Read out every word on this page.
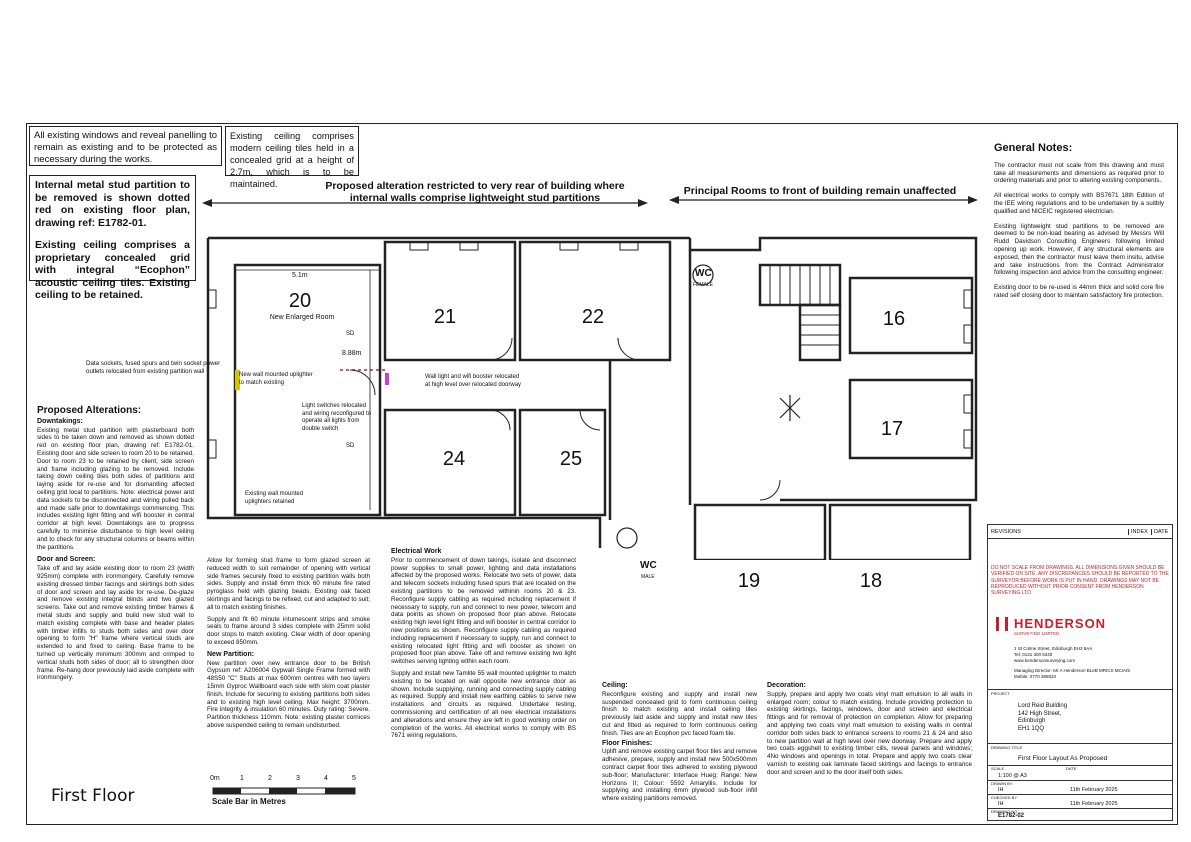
All existing windows and reveal panelling to remain as existing and to be protected as necessary during the works.
Existing ceiling comprises modern ceiling tiles held in a concealed grid at a height of 2.7m, which is to be maintained.
Internal metal stud partition to be removed is shown dotted red on existing floor plan, drawing ref: E1782-01.
Existing ceiling comprises a proprietary concealed grid with integral “Ecophon” acoustic ceiling tiles. Existing ceiling to be retained.
Proposed alteration restricted to very rear of building where internal walls comprise lightweight stud partitions
Principal Rooms to front of building remain unaffected
20
New Enlarged Room	21	22
24	25
16
17
19	18
5.1m
8.88m
SD
SD
WC
FEMALE
WC
MALE
Data sockets, fused spurs and twin socket power outlets relocated from existing partition wall
New wall mounted uplighter to match existing
Wall light and wifi booster relocated at high level over relocated doorway
Light switches relocated and wiring reconfigured to operate all lights from double switch
Existing wall mounted uplighters retained
General Notes:

The contractor must not scale from this drawing and must take all measurements and dimensions as required prior to ordering materials and prior to altering existing components.

All electrical works to comply with BS7671 18th Edition of the IEE wiring regulations and to be undertaken by a suitbly qualified and NICEIC registered electrician.

Existing lightweight stud partitions to be removed are deemed to be non-load bearing as advised by Messrs Will Rudd Davidson Consulting Engineers following limited opening up work. However, if any structural elements are exposed, then the contractor must leave them insitu, advise and take instructions from the Contract Administrator following inspection and advice from the consulting engineer.

Existing door to be re-used is 44mm thick and solid core fire rated self closing door to maintain satisfactory fire protection.

Proposed Alterations:
Downtakings:

Existing metal stud partition with plasterboard both sides to be taken down and removed as shown dotted red on existing floor plan, drawing ref: E1782-01. Existing door and side screen to room 20 to be retained. Door to room 23 to be retained by client, side screen and frame including glazing to be removed. Include taking down ceiling tiles both sides of partitions and laying aside for re-use and for dismantling affected ceiling grid local to partitions. Note: electrical power and data sockets to be disconnected and wiring pulled back and made safe prior to downtakings commencing. This includes existing light fitting and wifi booster in central corridor at high level. Downtakings are to progress carefully to minimise disturbance to high level ceiling and to check for any structural columns or beams within the partitions.

Door and Screen:

Take off and lay aside existing door to room 23 (width 925mm) complete with ironmongery. Carefully remove existing dressed timber facings and skirtings both sides of door and screen and lay aside for re-use. De-glaze and remove existing integral blinds and two glazed screens. Take out and remove existing timber frames & metal studs and supply and build new stud wall to match existing complete with base and header plates with timber infills to studs both sides and over door opening to form "H" frame where vertical studs are extended to and fixed to ceiling. Base frame to be turned up vertically minimum 300mm and crimped to vertical studs both sides of door; all to strengthen door frame. Re-hang door previously laid aside complete with ironmongery.

Allow for forming stud frame to form glazed screen at reduced width to suit remainder of opening with vertical side frames securely fixed to existing partition walls both sides. Supply and install 6mm thick 60 minute fire rated pyroglass held with glazing beads. Existing oak faced skirtings and facings to be refixed, cut and adapted to suit; all to match existing finishes.

Supply and fit 60 minute intumescent strips and smoke seals to frame around 3 sides complete with 25mm solid door stops to match existing. Clear width of door opening to exceed 850mm.

New Partition:

New partition over new entrance door to be British Gypsum ref: A206004 Gypwall Single Frame formed with 48S50 "C" Studs at max 600mm centres with two layers 15mm Gyproc Wallboard each side with skim coat plaster finish. Include for securing to existing partitions both sides and to existing high level ceiling. Max height: 3700mm. Fire integrity & insulation 60 minutes. Duty rating: Severe. Partition thickness 110mm. Note: existing plaster cornices above suspended ceiling to remain undisturbed.

Electrical Work

Prior to commencement of down takings, isolate and disconnect power supplies to small power, lighting and data installations affected by the proposed works. Relocate two sets of power, data and telecom sockets including fused spurs that are located on the existing partitions to be removed withinin rooms 20 & 23. Reconfigure supply cabling as required including replacement if necessary to supply, run and connect to new power, telecom and data points as shown on proposed floor plan above. Relocate existing high level light fitting and wifi booster in central corridor to new positions as shown. Reconfigure supply cabling as required including replacement if necessary to supply, run and connect to existing relocated light fitting and wifi booster as shown on proposed floor plan above. Take off and remove existing two light switches serving lighting within each room.

Supply and install new Tamlite 55 wall mounted uplighter to match existing to be located on wall opposite new entrance door as shown. Include supplying, running and connecting supply cabling as required. Supply and install new earthing cables to serve new installations and circuits as required. Undertake testing, commissioning and certification of all new electrical installations and alterations and ensure they are left in good working order on completion of the works. All electrical works to comply with BS 7671 wiring regulations.

Ceiling:

Reconfigure existing and supply and install new suspended concealed grid to form continuous ceiling finish to match existing and install ceiling tiles previously laid aside and supply and install new tiles cut and fitted as required to form continuous ceiling finish. Tiles are an Ecophon pvc faced foam tile.

Floor Finishes:

Uplift and remove existing carpet floor tiles and remove adhesive, prepare, supply and install new 500x500mm contract carpet floor tiles adhered to existing plywood sub-floor; Manufacturer: Interface Hueg: Range: New Horizons II; Colour: 5592 Amaryllis. Include for supplying and installing 6mm plywood sub-floor infill where existing partitions removed.

Decoration:

Supply, prepare and apply two coats vinyl matt emulsion to all walls in enlarged room; colour to match existing. Include providing protection to existing skirtings, facings, windows, door and screen and electrical fittings and for removal of protection on completion. Allow for preparing and applying two coats vinyl matt emulsion to existing walls in central corridor both sides back to entrance screens to rooms 21 & 24 and also to new partition wall at high level over new doorway. Prepare and apply two coats eggshell to existing timber cills, reveal panels and windows; 4No windows and openings in total. Prepare and apply two coats clear varnish to existing oak laminate faced skirtings and facings to entrance door and screen and to the door itself both sides.

First Floor
0m	1	2	3	4	5
Scale Bar in Metres
REVISIONS	INDEX	DATE
DO NOT SCALE FROM DRAWINGS. ALL DIMENSIONS GIVEN SHOULD BE VERIFIED ON SITE. ANY DISCREPANCIES SHOULD BE REPORTED TO THE SURVEYOR BEFORE WORK IS PUT IN HAND. DRAWINGS MAY NOT BE REPRODUCED WITHOUT PRIOR CONSENT FROM HENDERSON SURVEYING LTD.

HENDERSON
SURVEYING LIMITED
1 St Colme Street, Edinburgh EH3 6AA
Tel: 0131 300 6340
www.hendersonsurveying.com
Managing Director: Mr A Henderson BLeB MRICS MCIArb
Mobile: 0770 388633
PROJECT
Lord Reid Building
142 High Street,
Edinburgh
EH1 1QQ
DRAWING TITLE
First Floor Layout As Proposed
SCALE
1:100 @ A3
DATE
DRAWN BY
IH	11th February 2025
CHECKED BY
IH	11th February 2025
DRAWING NO
E1782-02
